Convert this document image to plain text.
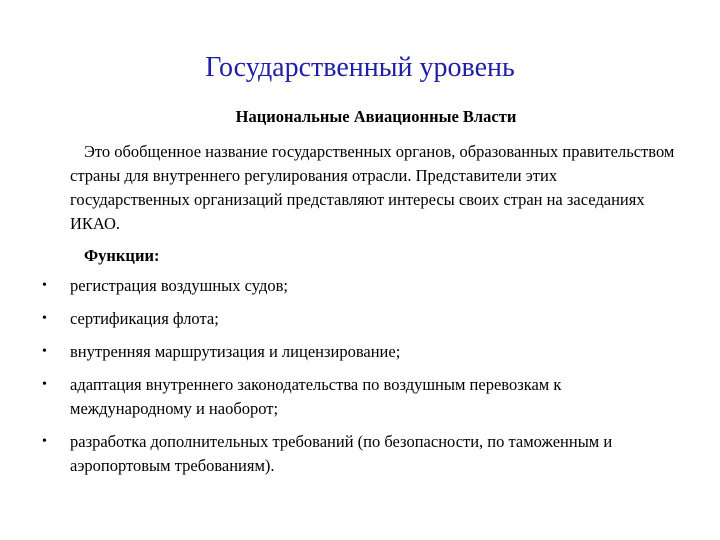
Государственный уровень
Национальные Авиационные Власти
Это обобщенное название государственных органов, образованных правительством страны для внутреннего регулирования отрасли. Представители этих государственных организаций представляют интересы своих стран на заседаниях ИКАО.
Функции:
• регистрация воздушных судов;
• сертификация флота;
• внутренняя маршрутизация и лицензирование;
• адаптация внутреннего законодательства по воздушным перевозкам к международному и наоборот;
• разработка дополнительных требований (по безопасности, по таможенным и аэропортовым требованиям).
